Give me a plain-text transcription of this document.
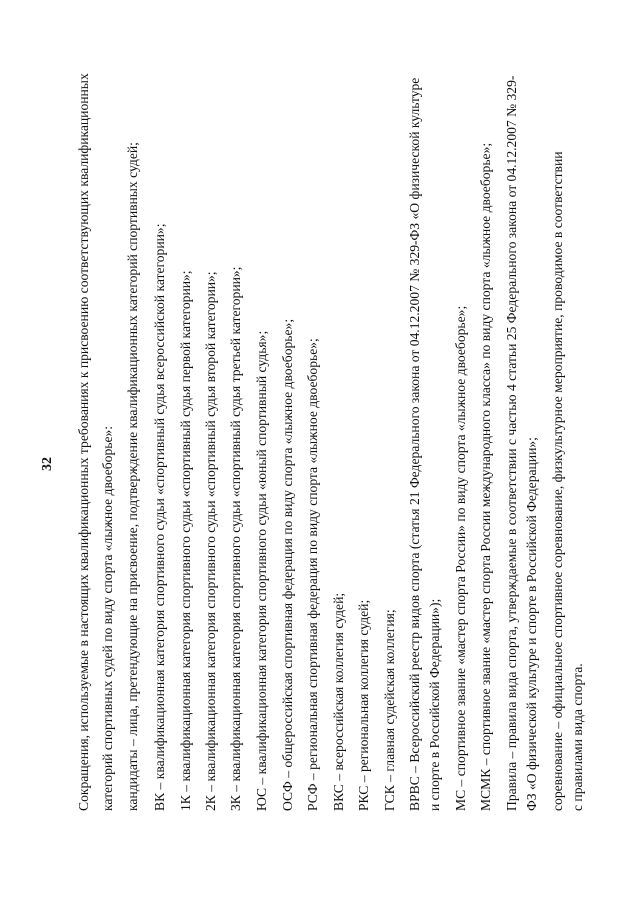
32 Сокращения, используемые в настоящих квалификационных требованиях к присвоению соответствующих квалификационных категорий спортивных судей по виду спорта «лыжное двоеборье»: кандидаты – лица, претендующие на присвоение, подтверждение квалификационных категорий спортивных судей; ВК – квалификационная категория спортивного судьи «спортивный судья всероссийской категории»; 1К – квалификационная категория спортивного судьи «спортивный судья первой категории»; 2К – квалификационная категория спортивного судьи «спортивный судья второй категории»; 3К – квалификационная категория спортивного судьи «спортивный судья третьей категории»; ЮС – квалификационная категория спортивного судьи «юный спортивный судья»; ОСФ – общероссийская спортивная федерация по виду спорта «лыжное двоеборье»; РСФ – региональная спортивная федерация по виду спорта «лыжное двоеборье»; ВКС – всероссийская коллегия судей; РКС – региональная коллегия судей; ГСК – главная судейская коллегия; ВРВС – Всероссийский реестр видов спорта (статья 21 Федерального закона от 04.12.2007 № 329-ФЗ «О физической культуре и спорте в Российской Федерации»); МС – спортивное звание «мастер спорта России» по виду спорта «лыжное двоеборье»; МСМК – спортивное звание «мастер спорта России международного класса» по виду спорта «лыжное двоеборье»; Правила – правила вида спорта, утверждаемые в соответствии с частью 4 статьи 25 Федерального закона от 04.12.2007 № 329- ФЗ «О физической культуре и спорте в Российской Федерации»; соревнование – официальное спортивное соревнование, физкультурное мероприятие, проводимое в соответствии с правилами вида спорта.
